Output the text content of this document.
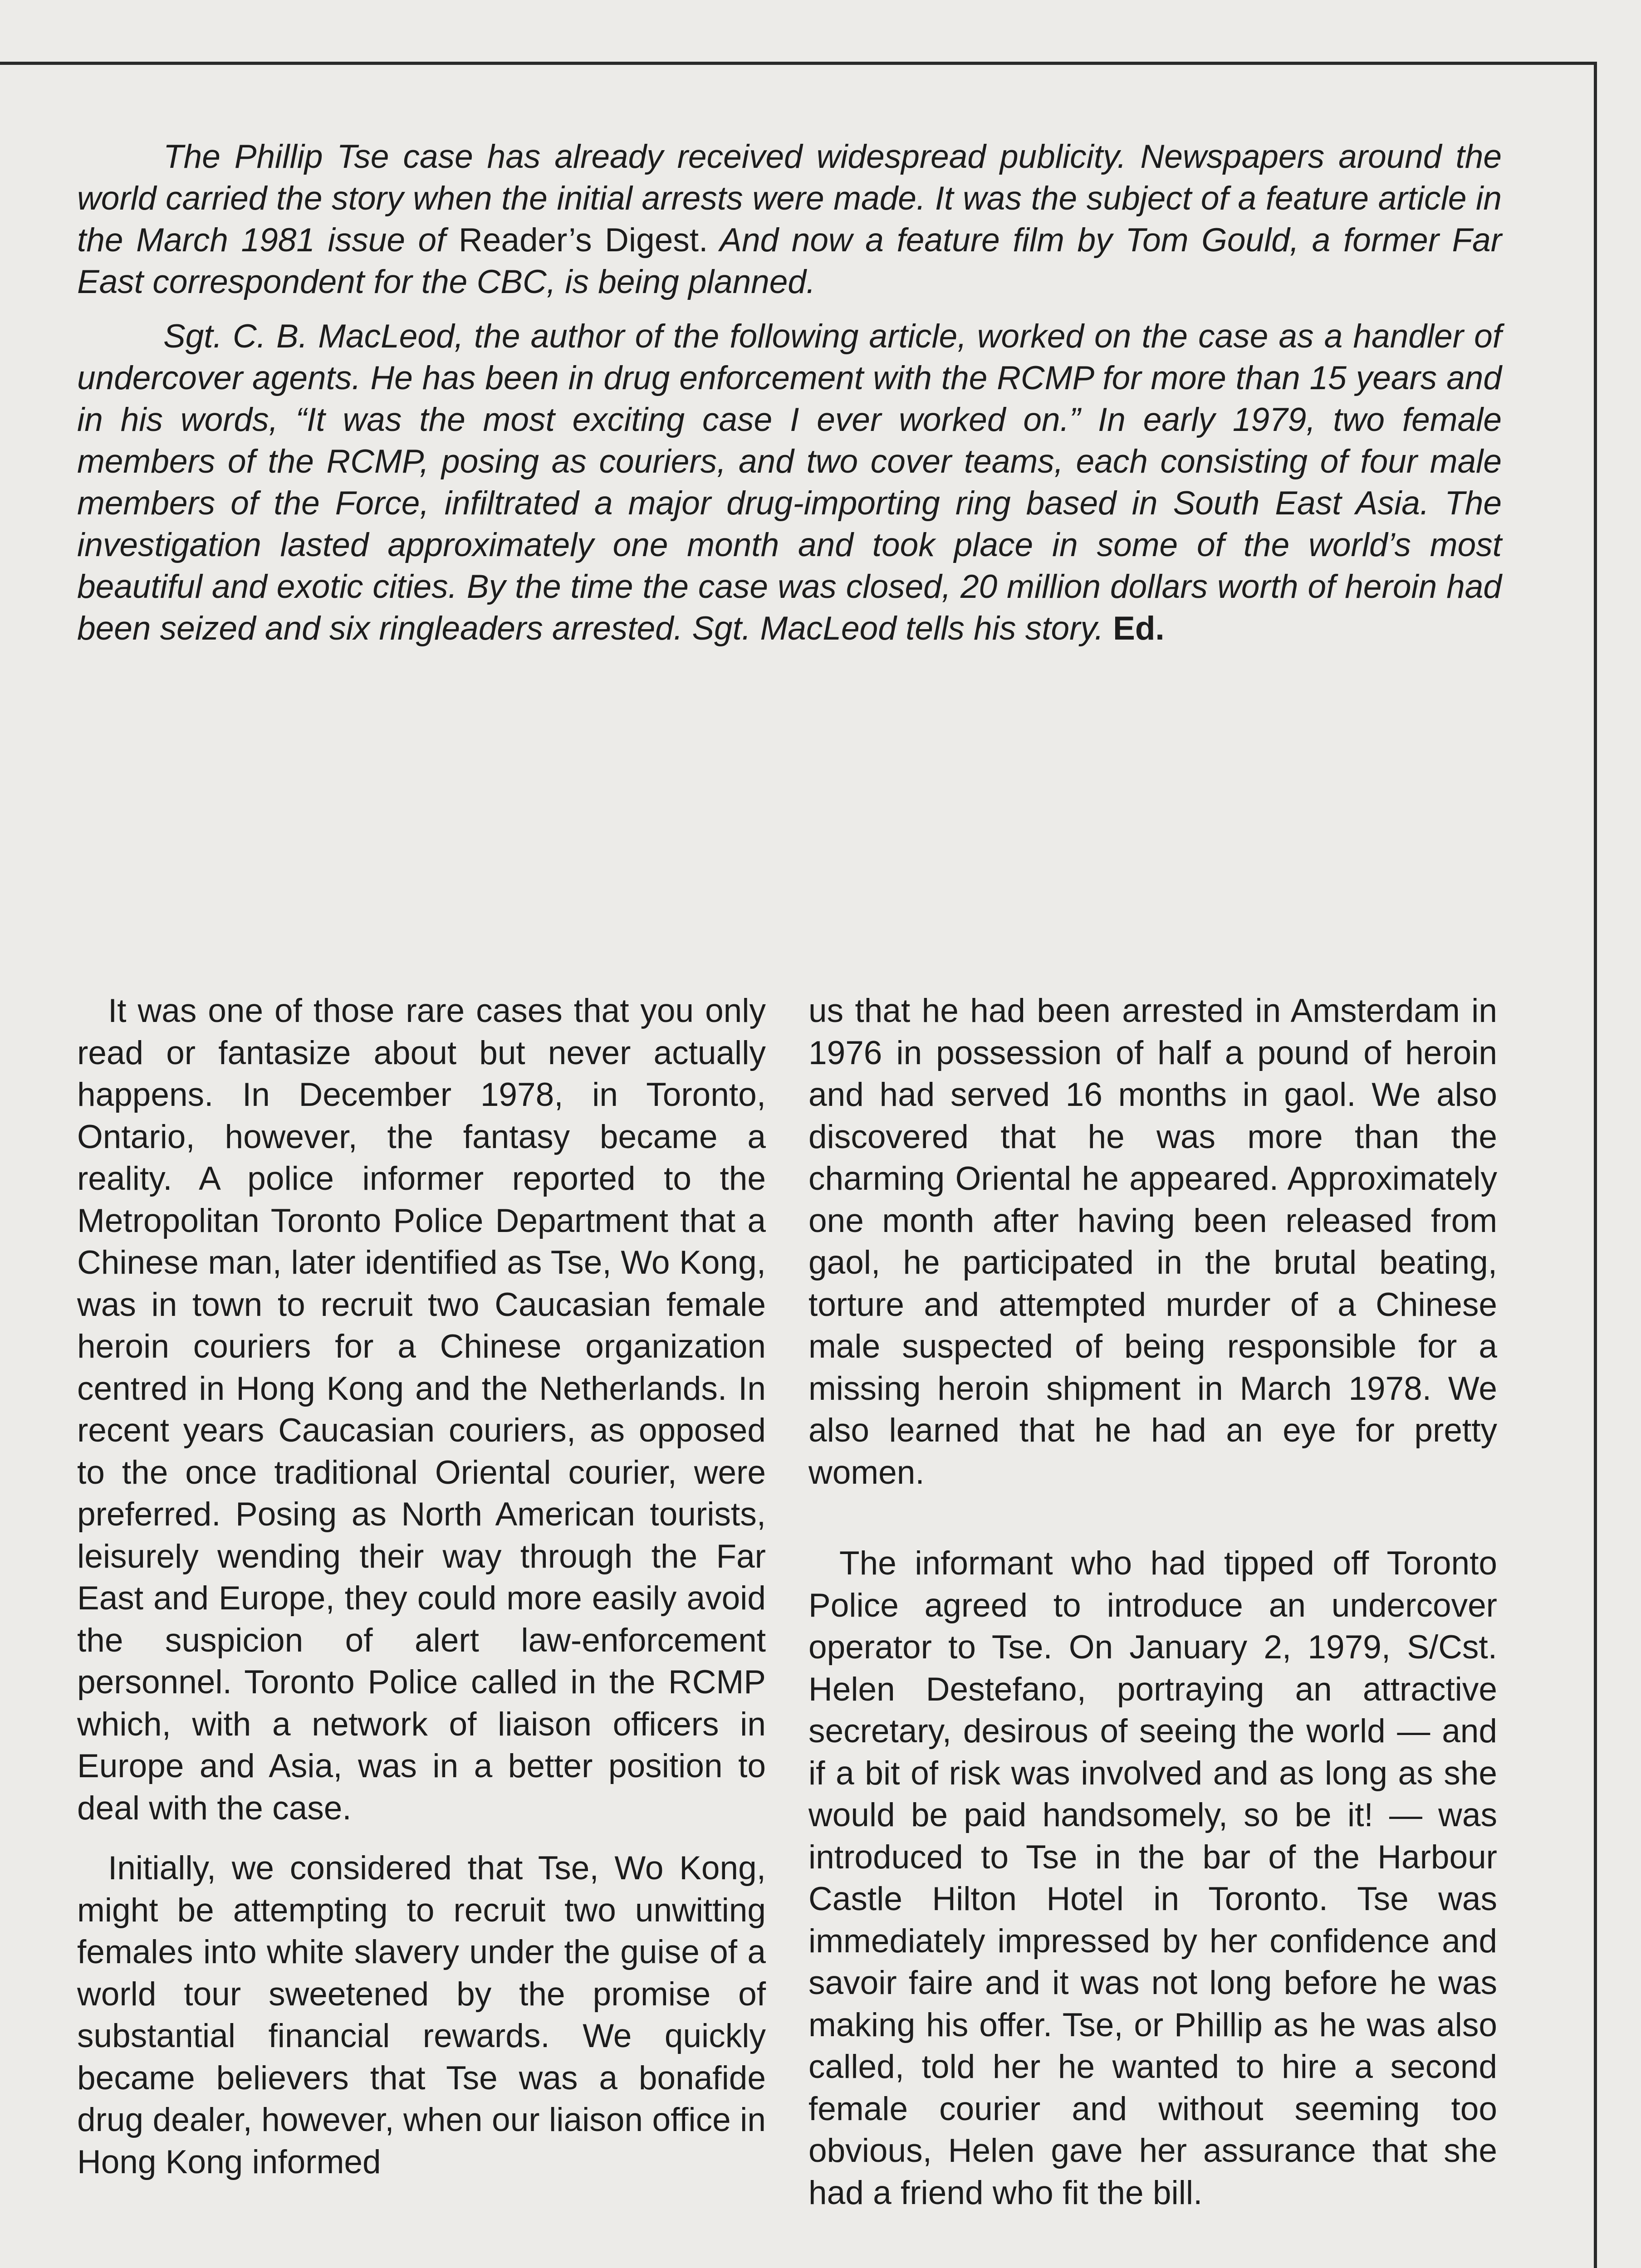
The Phillip Tse case has already received widespread publicity. Newspapers around the world carried the story when the initial arrests were made. It was the subject of a feature article in the March 1981 issue of Reader’s Digest. And now a feature film by Tom Gould, a former Far East correspondent for the CBC, is being planned.

Sgt. C. B. MacLeod, the author of the following article, worked on the case as a handler of undercover agents. He has been in drug enforcement with the RCMP for more than 15 years and in his words, “It was the most exciting case I ever worked on.” In early 1979, two female members of the RCMP, posing as couriers, and two cover teams, each consisting of four male members of the Force, infiltrated a major drug-importing ring based in South East Asia. The investigation lasted approximately one month and took place in some of the world’s most beautiful and exotic cities. By the time the case was closed, 20 million dollars worth of heroin had been seized and six ringleaders arrested. Sgt. MacLeod tells his story. Ed.

It was one of those rare cases that you only read or fantasize about but never actually happens. In December 1978, in Toronto, Ontario, however, the fantasy became a reality. A police informer reported to the Metropolitan Toronto Police Department that a Chinese man, later identified as Tse, Wo Kong, was in town to recruit two Caucasian female heroin couriers for a Chinese organization centred in Hong Kong and the Netherlands. In recent years Caucasian couriers, as opposed to the once traditional Oriental courier, were preferred. Posing as North American tourists, leisurely wending their way through the Far East and Europe, they could more easily avoid the suspicion of alert law-enforcement personnel. Toronto Police called in the RCMP which, with a network of liaison officers in Europe and Asia, was in a better position to deal with the case.

Initially, we considered that Tse, Wo Kong, might be attempting to recruit two unwitting females into white slavery under the guise of a world tour sweetened by the promise of substantial financial rewards. We quickly became believers that Tse was a bonafide drug dealer, however, when our liaison office in Hong Kong informed

us that he had been arrested in Amsterdam in 1976 in possession of half a pound of heroin and had served 16 months in gaol. We also discovered that he was more than the charming Oriental he appeared. Approximately one month after having been released from gaol, he participated in the brutal beating, torture and attempted murder of a Chinese male suspected of being responsible for a missing heroin shipment in March 1978. We also learned that he had an eye for pretty women.

The informant who had tipped off Toronto Police agreed to introduce an undercover operator to Tse. On January 2, 1979, S/Cst. Helen Destefano, portraying an attractive secretary, desirous of seeing the world — and if a bit of risk was involved and as long as she would be paid handsomely, so be it! — was introduced to Tse in the bar of the Harbour Castle Hilton Hotel in Toronto. Tse was immediately impressed by her confidence and savoir faire and it was not long before he was making his offer. Tse, or Phillip as he was also called, told her he wanted to hire a second female courier and without seeming too obvious, Helen gave her assurance that she had a friend who fit the bill.
